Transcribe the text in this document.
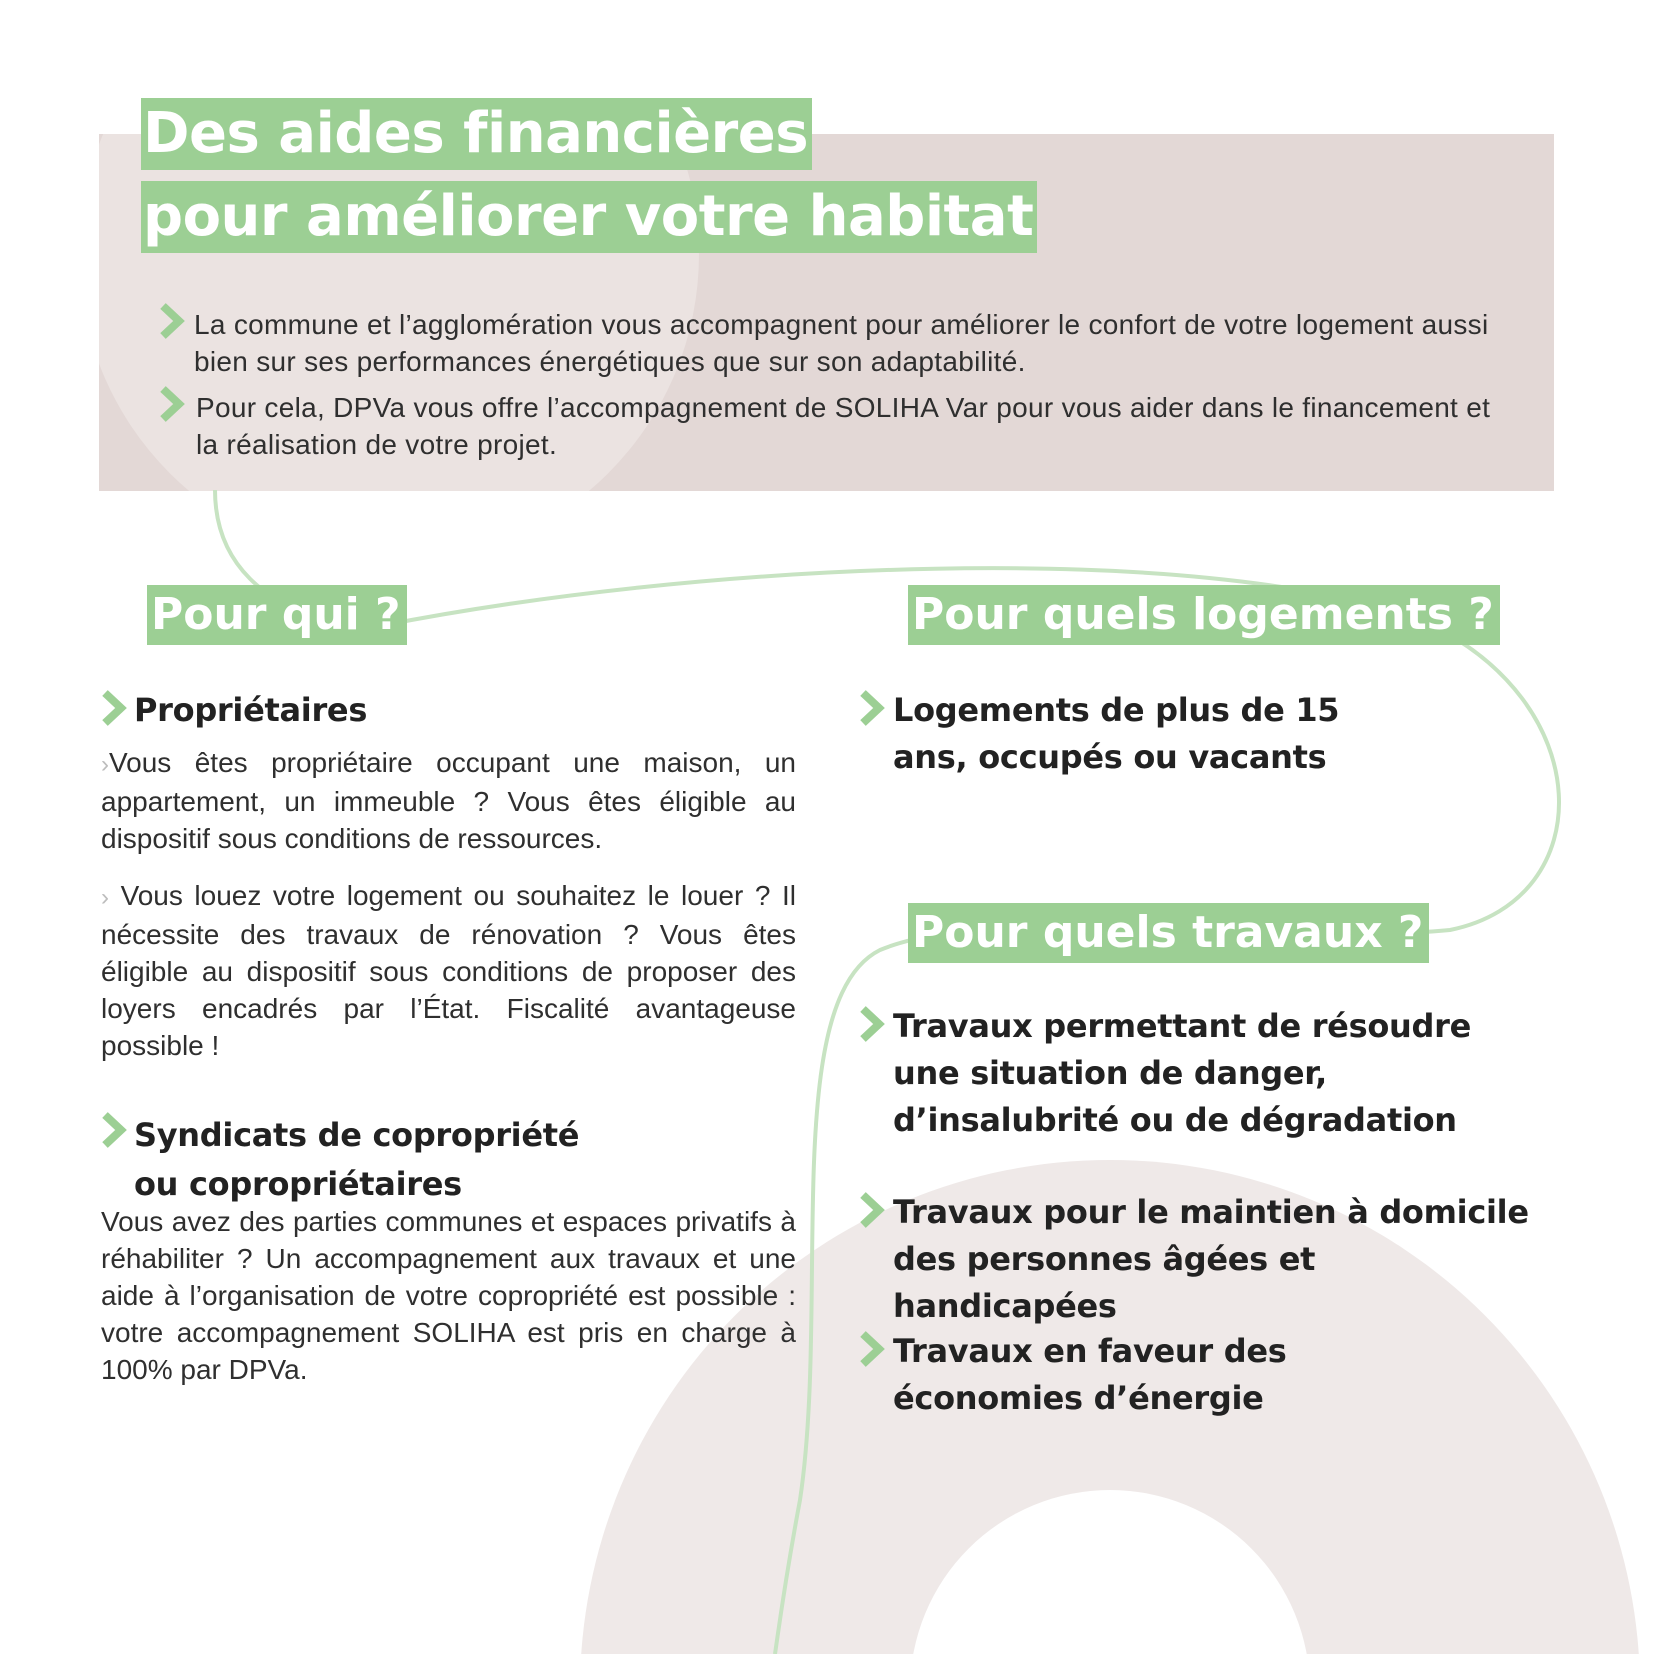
Des aides financières
pour améliorer votre habitat
La commune et l’agglomération vous accompagnent pour améliorer le confort de votre logement aussi bien sur ses performances énergétiques que sur son adaptabilité.
Pour cela, DPVa vous offre l’accompagnement de SOLIHA Var pour vous aider dans le financement et la réalisation de votre projet.
Pour qui ?
Propriétaires
›Vous êtes propriétaire occupant une maison, un appartement, un immeuble ? Vous êtes éligible au dispositif sous conditions de ressources.
› Vous louez votre logement ou souhaitez le louer ? Il nécessite des travaux de rénovation ? Vous êtes éligible au dispositif sous conditions de proposer des loyers encadrés par l’État. Fiscalité avantageuse possible !
Syndicats de copropriété
ou copropriétaires
Vous avez des parties communes et espaces privatifs à réhabiliter ? Un accompagnement aux travaux et une aide à l’organisation de votre copropriété est possible : votre accompagnement SOLIHA est pris en charge à 100% par DPVa.
Pour quels logements ?
Logements de plus de 15 ans, occupés ou vacants
Pour quels travaux ?
Travaux permettant de résoudre une situation de danger, d’insalubrité ou de dégradation
Travaux pour le maintien à domicile des personnes âgées et handicapées
Travaux en faveur des économies d’énergie
